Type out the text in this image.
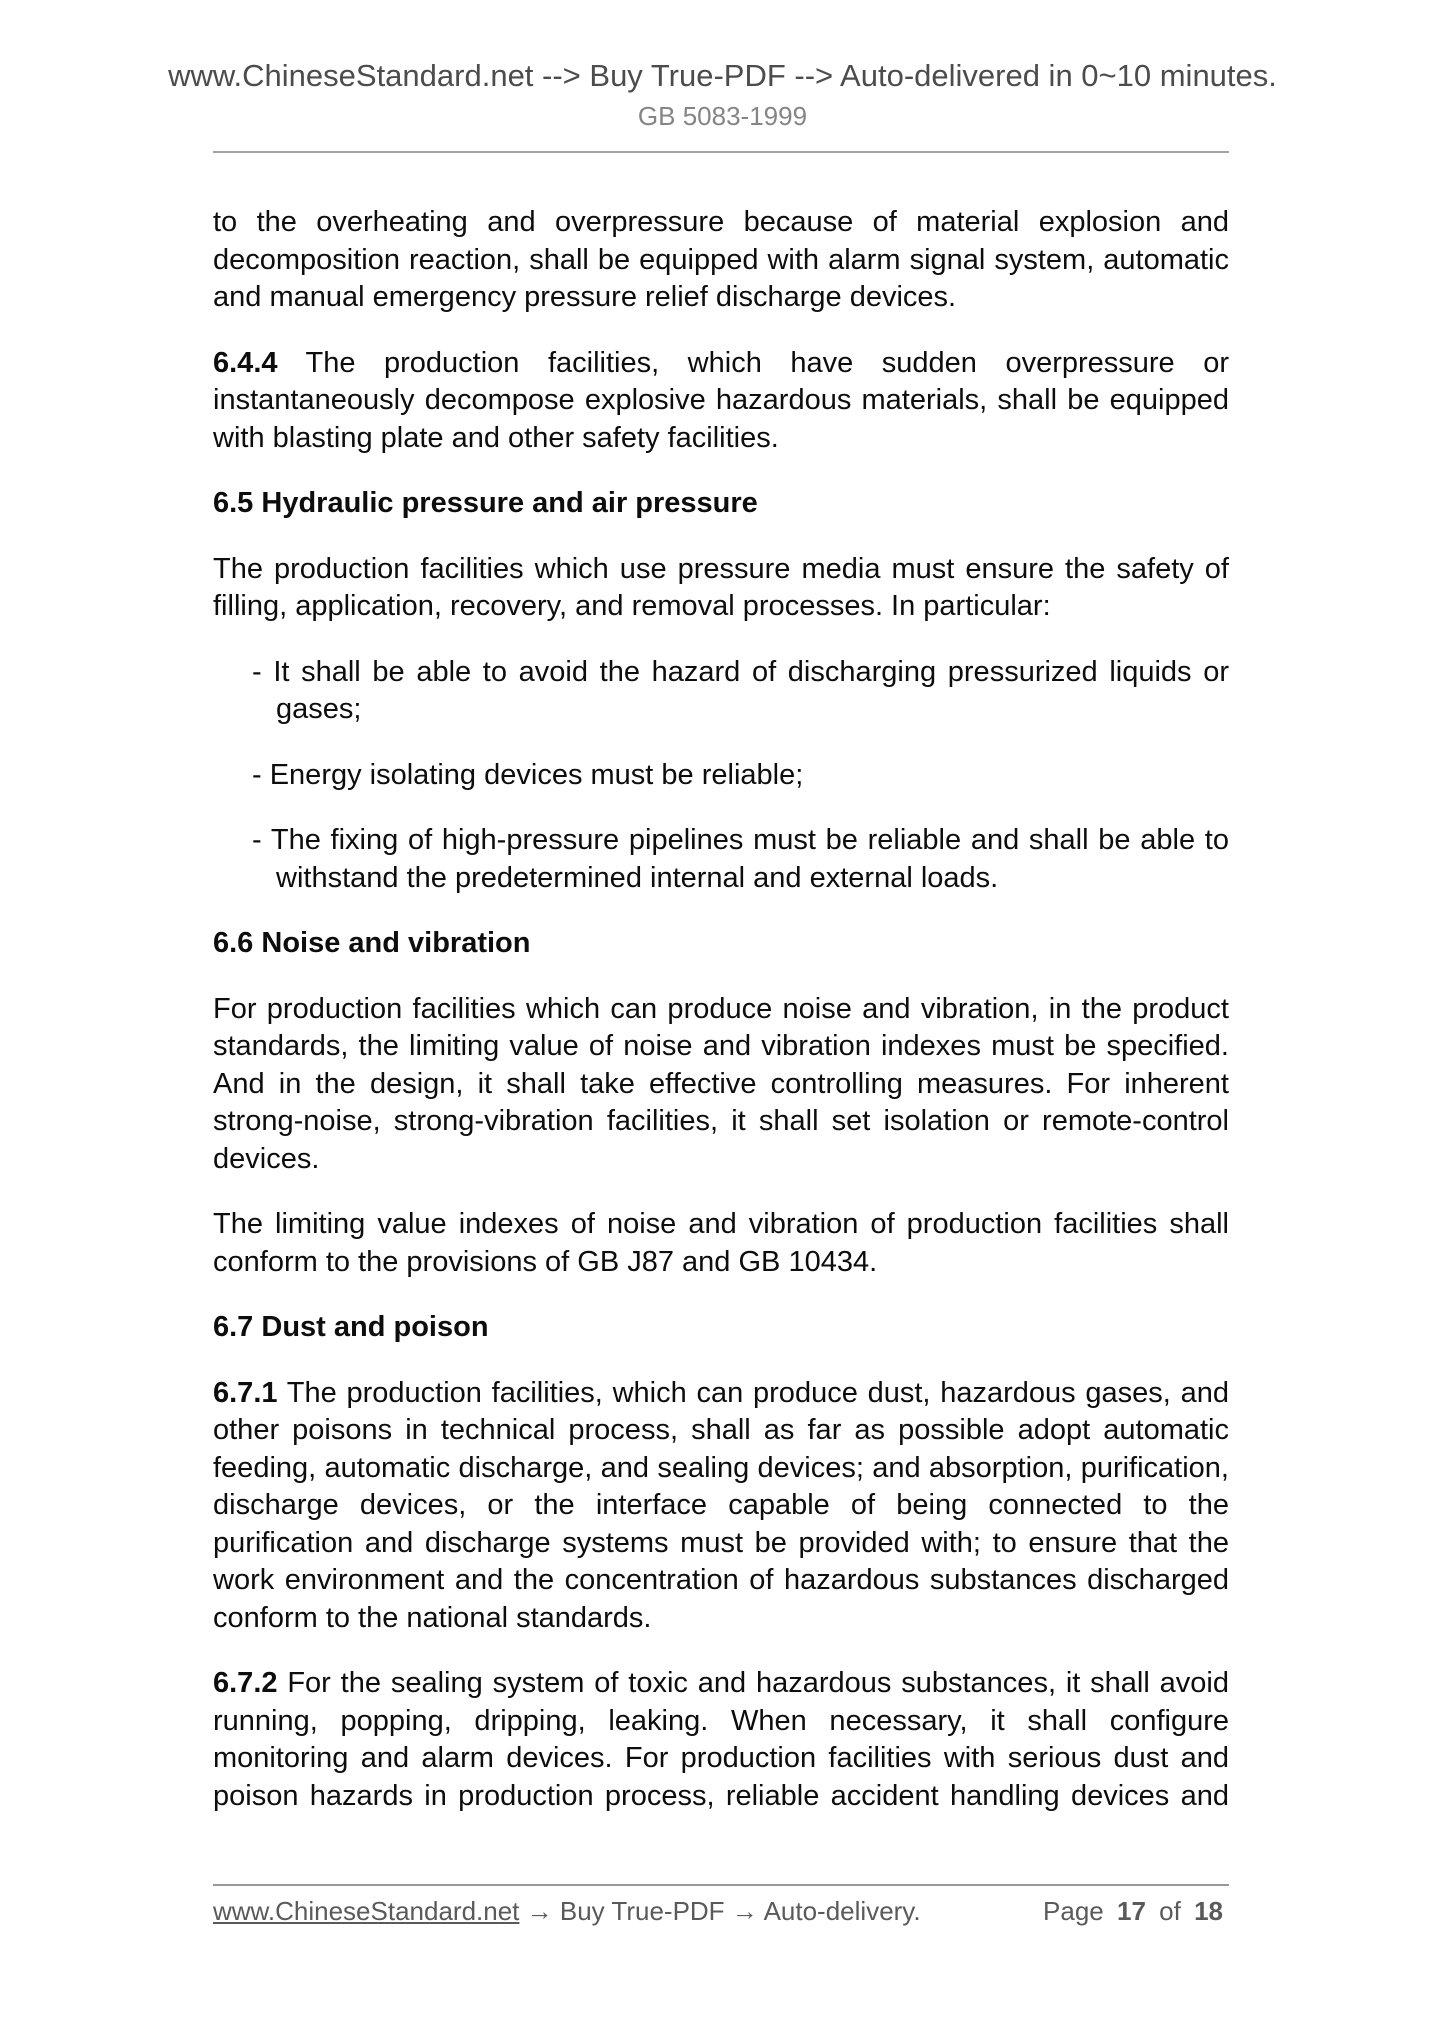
www.ChineseStandard.net --> Buy True-PDF --> Auto-delivered in 0~10 minutes.
GB 5083-1999
to the overheating and overpressure because of material explosion and
decomposition reaction, shall be equipped with alarm signal system, automatic
and manual emergency pressure relief discharge devices.
6.4.4 The production facilities, which have sudden overpressure or
instantaneously decompose explosive hazardous materials, shall be equipped
with blasting plate and other safety facilities.
6.5 Hydraulic pressure and air pressure
The production facilities which use pressure media must ensure the safety of
filling, application, recovery, and removal processes. In particular:
- It shall be able to avoid the hazard of discharging pressurized liquids or
gases;
- Energy isolating devices must be reliable;
- The fixing of high-pressure pipelines must be reliable and shall be able to
withstand the predetermined internal and external loads.
6.6 Noise and vibration
For production facilities which can produce noise and vibration, in the product
standards, the limiting value of noise and vibration indexes must be specified.
And in the design, it shall take effective controlling measures. For inherent
strong-noise, strong-vibration facilities, it shall set isolation or remote-control
devices.
The limiting value indexes of noise and vibration of production facilities shall
conform to the provisions of GB J87 and GB 10434.
6.7 Dust and poison
6.7.1 The production facilities, which can produce dust, hazardous gases, and
other poisons in technical process, shall as far as possible adopt automatic
feeding, automatic discharge, and sealing devices; and absorption, purification,
discharge devices, or the interface capable of being connected to the
purification and discharge systems must be provided with; to ensure that the
work environment and the concentration of hazardous substances discharged
conform to the national standards.
6.7.2 For the sealing system of toxic and hazardous substances, it shall avoid
running, popping, dripping, leaking. When necessary, it shall configure
monitoring and alarm devices. For production facilities with serious dust and
poison hazards in production process, reliable accident handling devices and
www.ChineseStandard.net → Buy True-PDF → Auto-delivery.	Page 17 of 18
